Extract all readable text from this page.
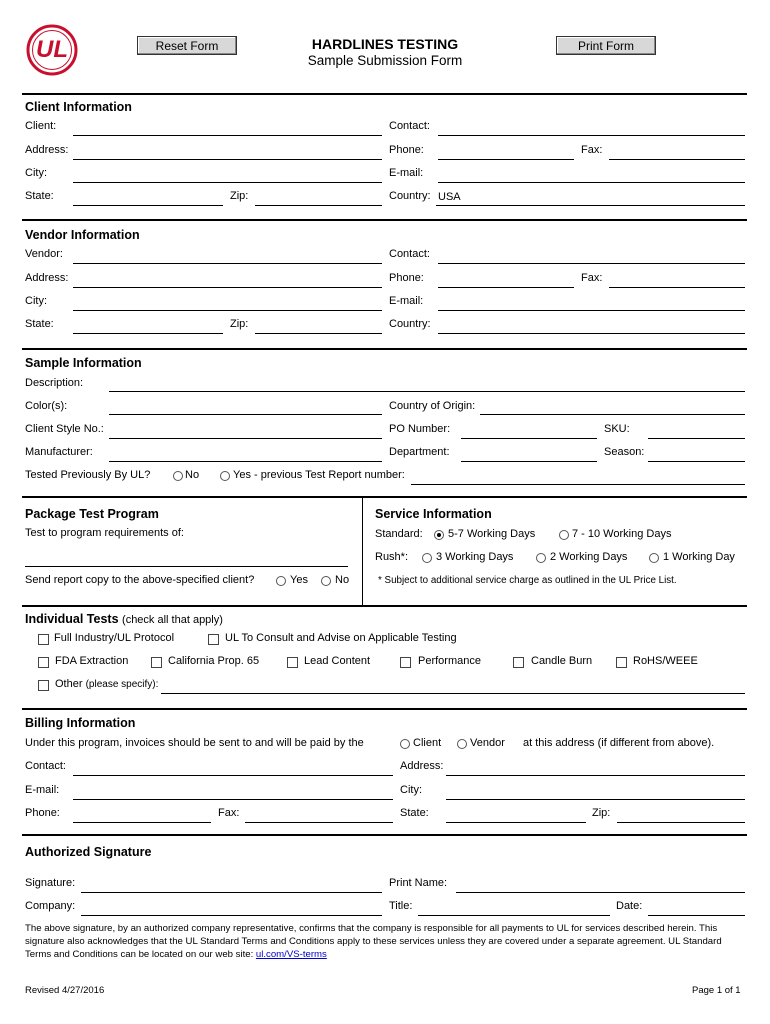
UL	Reset Form	Print Form
HARDLINES TESTING
Sample Submission Form
Client Information
Client:	Contact:
Address:	Phone:	Fax:
City:	E-mail:
State:	Zip:	Country: USA
Vendor Information
Vendor:	Contact:
Address:	Phone:	Fax:
City:	E-mail:
State:	Zip:	Country:
Sample Information
Description:
Color(s):	Country of Origin:
Client Style No.:	PO Number:	SKU:
Manufacturer:	Department:	Season:
Tested Previously By UL?	No	Yes - previous Test Report number:
Package Test Program
Test to program requirements of:
Send report copy to the above-specified client?	Yes No
Service Information
Standard: 5-7 Working Days	7 - 10 Working Days
Rush*:	3 Working Days	2 Working Days	1 Working Day
* Subject to additional service charge as outlined in the UL Price List.
Individual Tests (check all that apply)
Full Industry/UL Protocol	UL To Consult and Advise on Applicable Testing
FDA Extraction	California Prop. 65	Lead Content	Performance	Candle Burn	RoHS/WEEE
Other (please specify):
Billing Information
Under this program, invoices should be sent to and will be paid by the	Client	Vendor at this address (if different from above).
Contact:	Address:
E-mail:	City:
Phone:	Fax:	State:	Zip:
Authorized Signature
Signature:	Print Name:
Company:	Title:	Date:
The above signature, by an authorized company representative, confirms that the company is responsible for all payments to UL for services described herein. This signature also acknowledges that the UL Standard Terms and Conditions apply to these services unless they are covered under a separate agreement. UL Standard Terms and Conditions can be located on our web site: ul.com/VS-terms
Revised 4/27/2016	Page 1 of 1
